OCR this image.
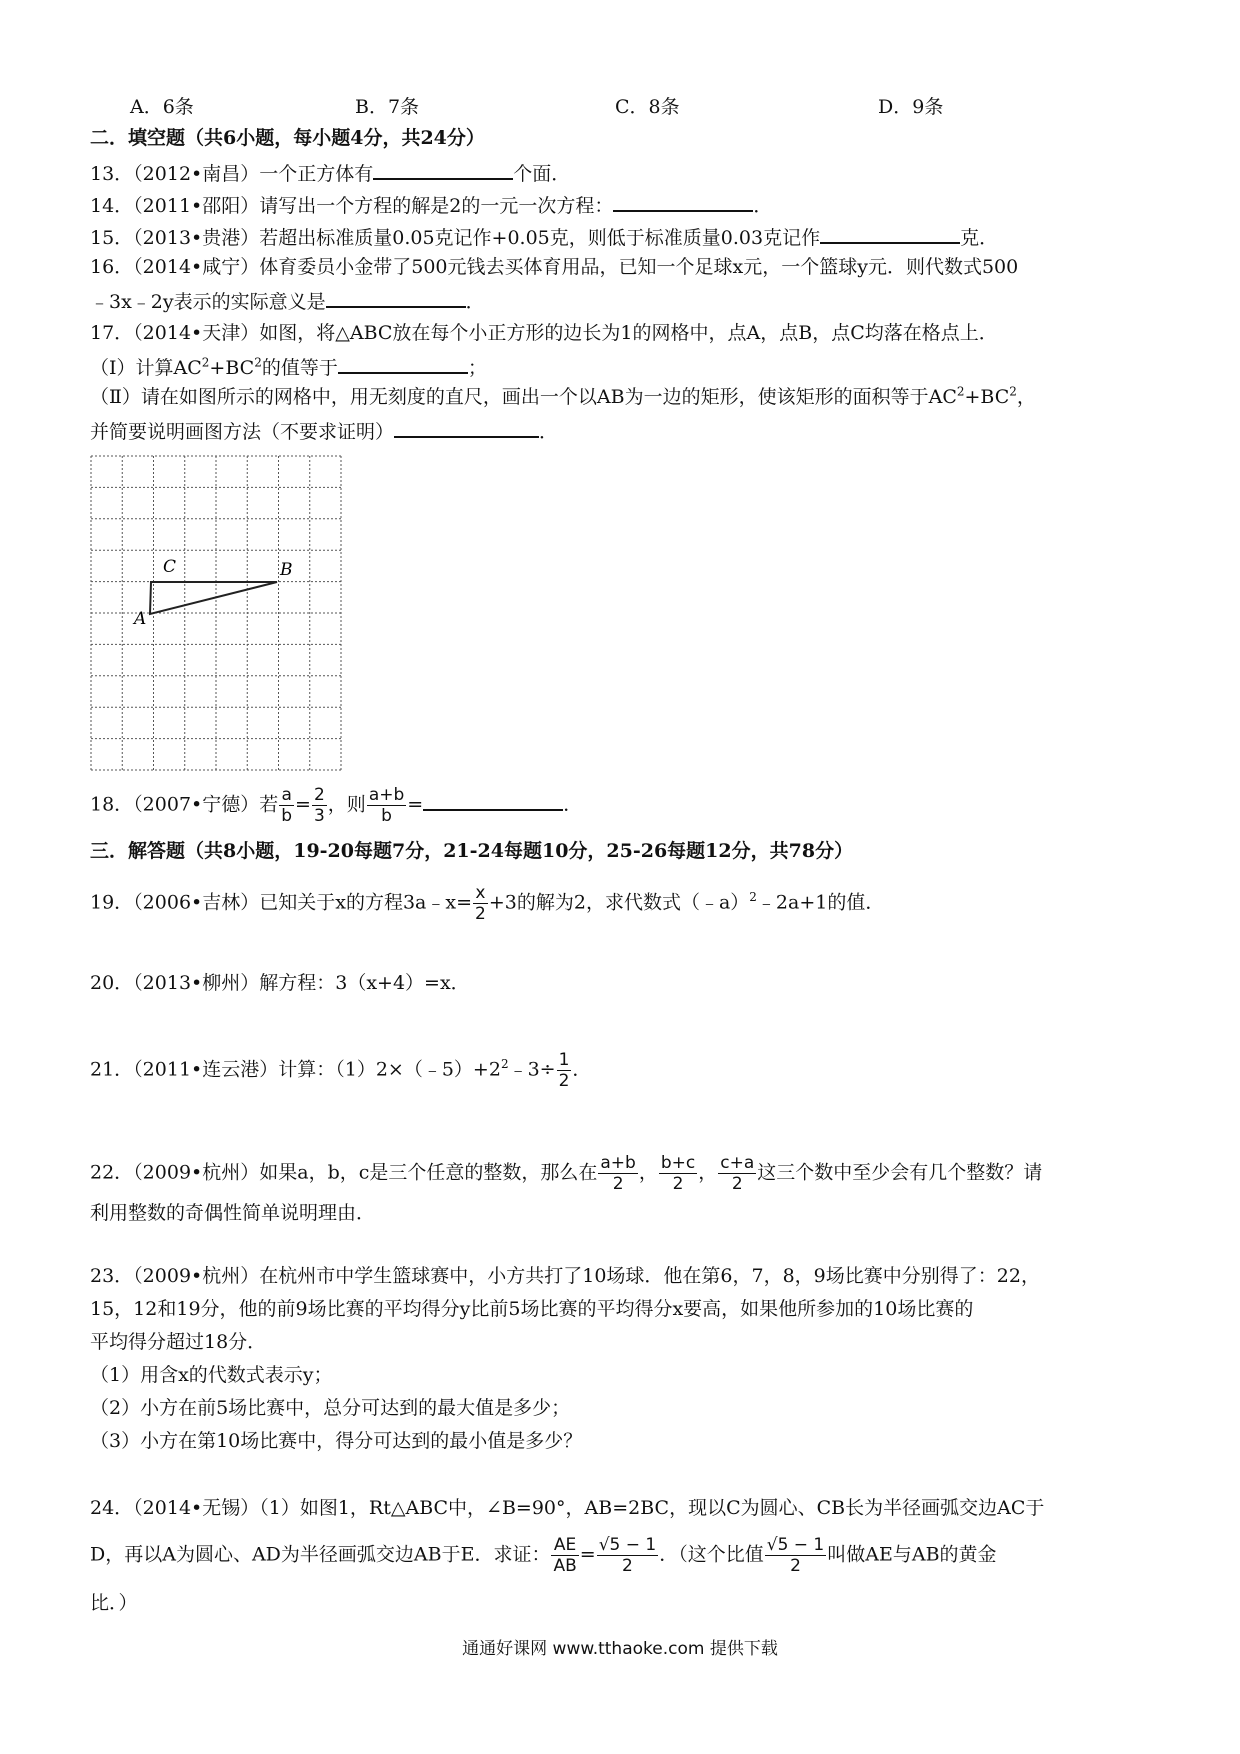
A．6条	B．7条	C．8条	D．9条
二．填空题（共6小题，每小题4分，共24分）
13．（2012•南昌）一个正方体有	个面．
14．（2011•邵阳）请写出一个方程的解是2的一元一次方程：	．
15．（2013•贵港）若超出标准质量0.05克记作+0.05克，则低于标准质量0.03克记作	克．
16．（2014•咸宁）体育委员小金带了500元钱去买体育用品，已知一个足球x元，一个篮球y元．则代数式500
﹣3x﹣2y表示的实际意义是	．
17．（2014•天津）如图，将△ABC放在每个小正方形的边长为1的网格中，点A，点B，点C均落在格点上．
（Ⅰ）计算$AC^2+BC^2$的值等于	；
（Ⅱ）请在如图所示的网格中，用无刻度的直尺，画出一个以AB为一边的矩形，使该矩形的面积等于$AC^2+BC^2$，
并简要说明画图方法（不要求证明）	．
A
B
C
18．（2007•宁德）若 $\frac{a}{b} = \frac{2}{3}$ ，则 $\frac{a+b}{b}$ =	．
三．解答题（共8小题，19-20每题7分，21-24每题10分，25-26每题12分，共78分）
19．（2006•吉林）已知关于x的方程3a﹣x= $\frac{x}{2} +3$的解为2，求代数式（﹣a）$^2$﹣2a+1的值．
20．（2013•柳州）解方程：3（x+4）=x．
21．（2011•连云港）计算：$(1)2\times(﹣5)+2^2﹣3\div \frac{1}{2}$ ．
22．（2009•杭州）如果a，b，c是三个任意的整数，那么在 $\frac{a+b}{2}$ ， $\frac{b+c}{2}$ ， $\frac{c+a}{2}$ 这三个数中至少会有几个整数？请
利用整数的奇偶性简单说明理由．
23．（2009•杭州）在杭州市中学生篮球赛中，小方共打了10场球．他在第6，7，8，9场比赛中分别得了：22，
15，12和19分，他的前9场比赛的平均得分y比前5场比赛的平均得分x要高，如果他所参加的10场比赛的
平均得分超过18分．
（1）用含x的代数式表示y；
（2）小方在前5场比赛中，总分可达到的最大值是多少；
（3）小方在第10场比赛中，得分可达到的最小值是多少？
24．（2014•无锡）（1）如图1，Rt△ABC中，∠B=90°，AB=2BC，现以C为圆心、CB长为半径画弧交边AC于
D，再以A为圆心、AD为半径画弧交边AB于E．求证： $\frac{AE}{AB} = \frac{√5 - 1}{2}$ ．（这个比值 $\frac{√5 - 1}{2}$ 叫做AE与AB的黄金
比．）
通通好课网 www.tthaoke.com 提供下载
